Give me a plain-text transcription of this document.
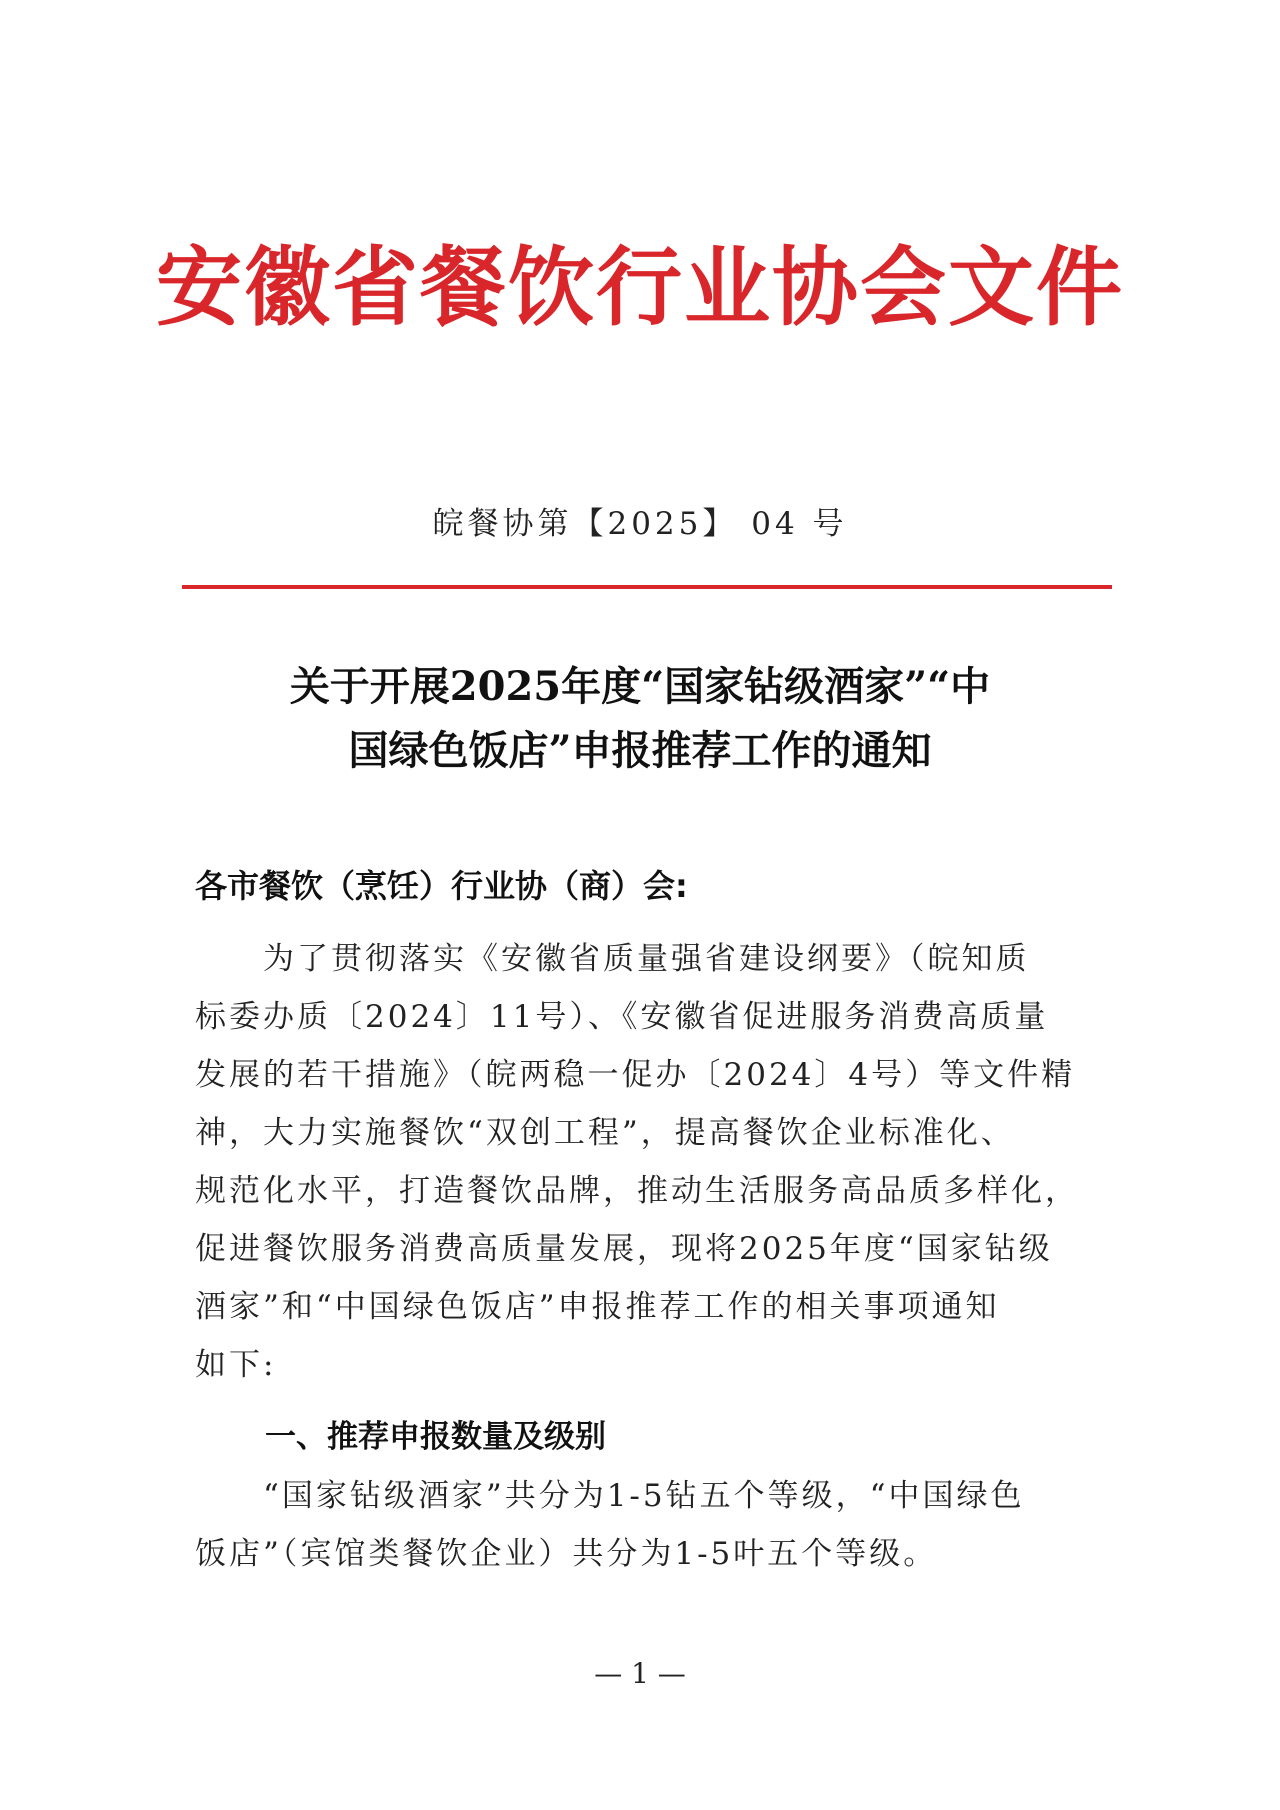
安徽省餐饮行业协会文件
皖餐协第【2025】 04 号
关于开展2025年度“国家钻级酒家”“中
国绿色饭店”申报推荐工作的通知
各市餐饮（烹饪）行业协（商）会:
　　为了贯彻落实《安徽省质量强省建设纲要》（皖知质
标委办质〔2024〕11号）、《安徽省促进服务消费高质量
发展的若干措施》（皖两稳一促办〔2024〕4号）等文件精
神，大力实施餐饮“双创工程”，提高餐饮企业标准化、
规范化水平，打造餐饮品牌，推动生活服务高品质多样化，
促进餐饮服务消费高质量发展，现将2025年度“国家钻级
酒家”和“中国绿色饭店”申报推荐工作的相关事项通知
如下:
一、推荐申报数量及级别
　　“国家钻级酒家”共分为1-5钻五个等级，“中国绿色
饭店”（宾馆类餐饮企业）共分为1-5叶五个等级。
— 1 —
